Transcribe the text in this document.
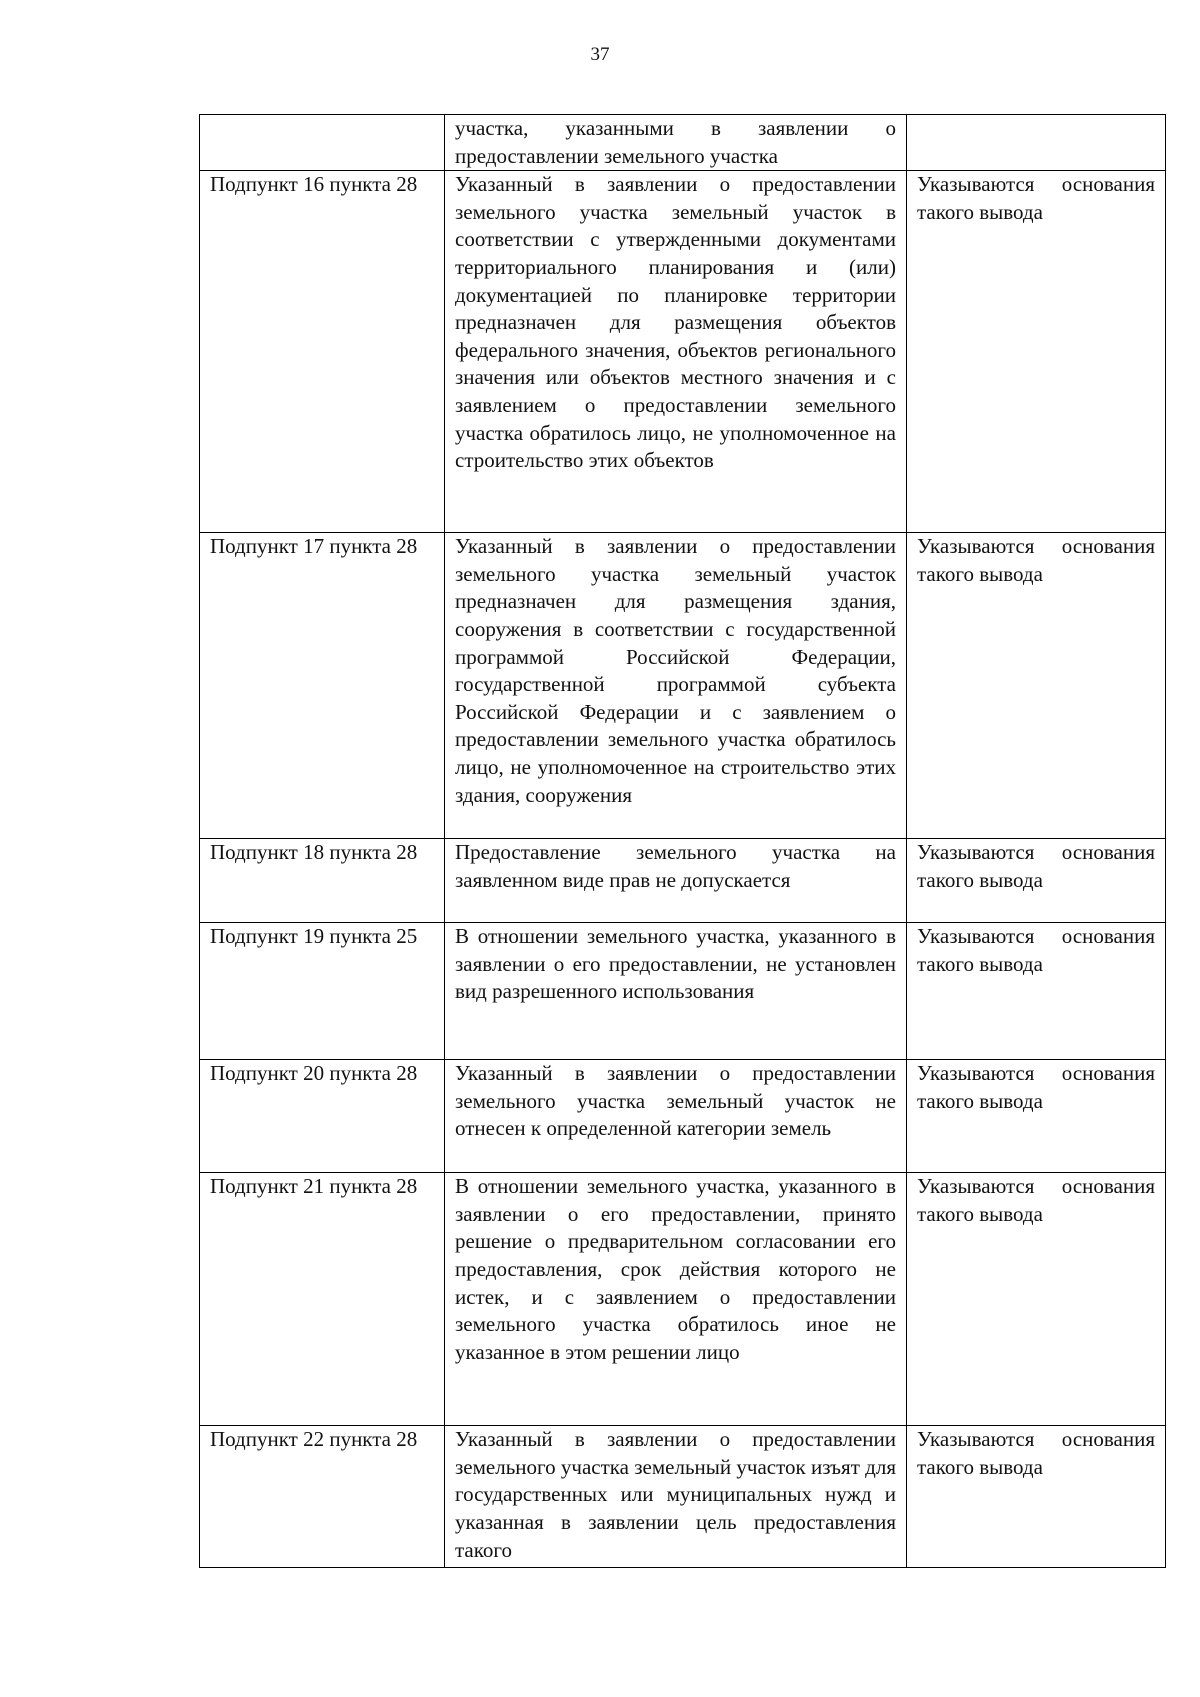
37
	участка, указанными в заявлении о предоставлении земельного участка	
Подпункт 16 пункта 28	Указанный в заявлении о предоставлении земельного участка земельный участок в соответствии с утвержденными документами территориального планирования и (или) документацией по планировке территории предназначен для размещения объектов федерального значения, объектов регионального значения или объектов местного значения и с заявлением о предоставлении земельного участка обратилось лицо, не уполномоченное на строительство этих объектов	Указываются основания такого вывода
Подпункт 17 пункта 28	Указанный в заявлении о предоставлении земельного участка земельный участок предназначен для размещения здания, сооружения в соответствии с государственной программой Российской Федерации, государственной программой субъекта Российской Федерации и с заявлением о предоставлении земельного участка обратилось лицо, не уполномоченное на строительство этих здания, сооружения	Указываются основания такого вывода
Подпункт 18 пункта 28	Предоставление земельного участка на заявленном виде прав не допускается	Указываются основания такого вывода
Подпункт 19 пункта 25	В отношении земельного участка, указанного в заявлении о его предоставлении, не установлен вид разрешенного использования	Указываются основания такого вывода
Подпункт 20 пункта 28	Указанный в заявлении о предоставлении земельного участка земельный участок не отнесен к определенной категории земель	Указываются основания такого вывода
Подпункт 21 пункта 28	В отношении земельного участка, указанного в заявлении о его предоставлении, принято решение о предварительном согласовании его предоставления, срок действия которого не истек, и с заявлением о предоставлении земельного участка обратилось иное не указанное в этом решении лицо	Указываются основания такого вывода
Подпункт 22 пункта 28	Указанный в заявлении о предоставлении земельного участка земельный участок изъят для государственных или муниципальных нужд и указанная в заявлении цель предоставления такого	Указываются основания такого вывода
